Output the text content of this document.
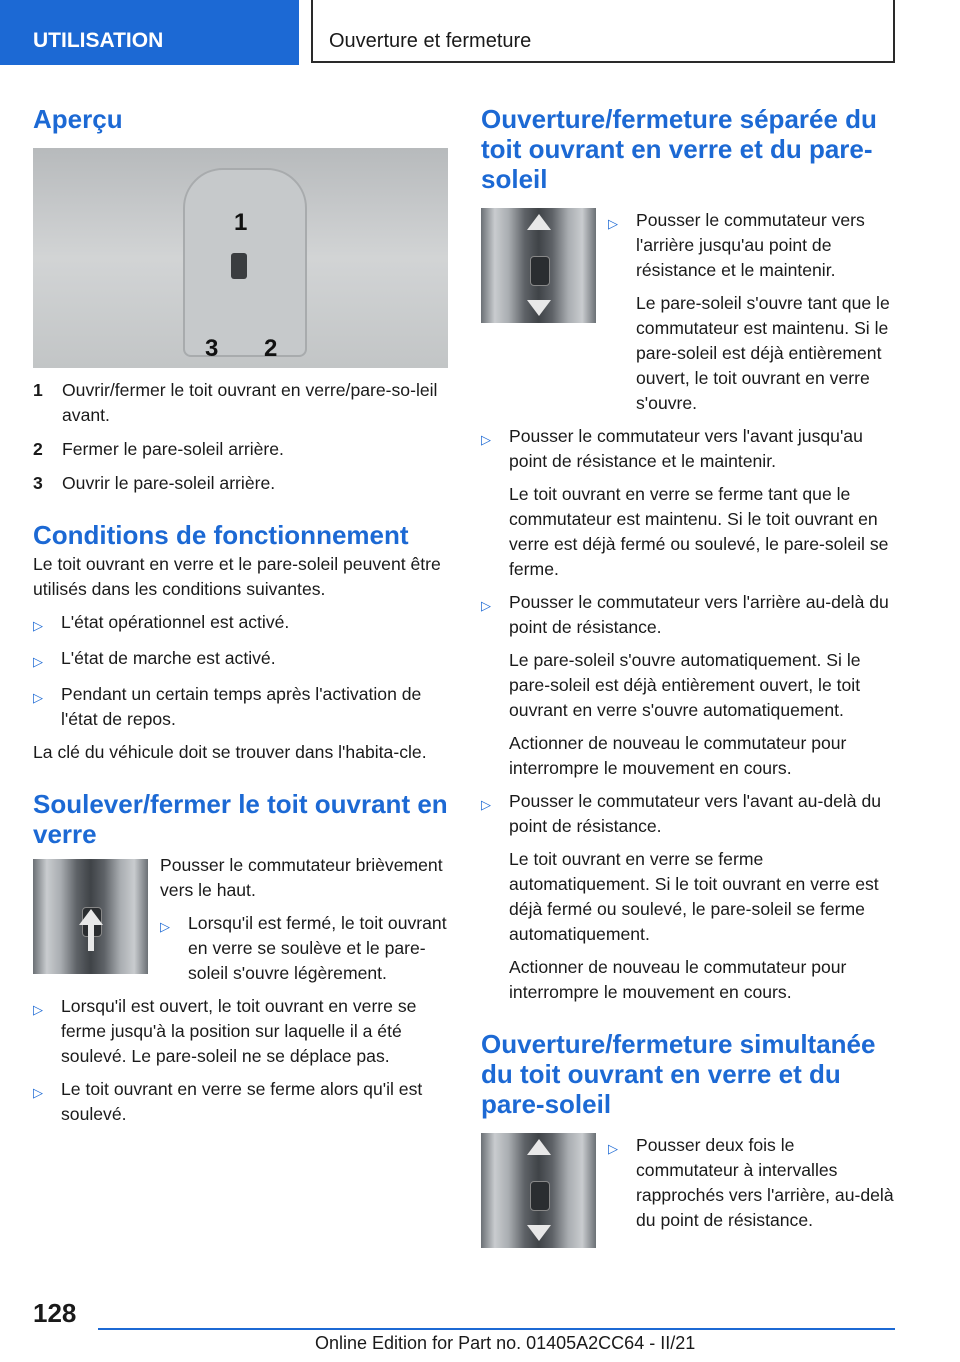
UTILISATION	Ouverture et fermeture
Aperçu
1
2
3
1	Ouvrir/fermer le toit ouvrant en verre/pare-so-leil avant.
2	Fermer le pare-soleil arrière.
3	Ouvrir le pare-soleil arrière.
Conditions de fonctionnement

Le toit ouvrant en verre et le pare-soleil peuvent être utilisés dans les conditions suivantes.

▷	L'état opérationnel est activé.
▷	L'état de marche est activé.
▷	Pendant un certain temps après l'activation de l'état de repos.

La clé du véhicule doit se trouver dans l'habita-cle.

Soulever/fermer le toit ouvrant en verre

Pousser le commutateur brièvement vers le haut.

▷	Lorsqu'il est fermé, le toit ouvrant en verre se soulève et le pare-soleil s'ouvre légèrement.
▷	Lorsqu'il est ouvert, le toit ouvrant en verre se ferme jusqu'à la position sur laquelle il a été soulevé. Le pare-soleil ne se déplace pas.
▷	Le toit ouvrant en verre se ferme alors qu'il est soulevé.
Ouverture/fermeture séparée du toit ouvrant en verre et du pare-soleil
▷	Pousser le commutateur vers l'arrière jusqu'au point de résistance et le maintenir.

Le pare-soleil s'ouvre tant que le commutateur est maintenu. Si le pare-soleil est déjà entièrement ouvert, le toit ouvrant en verre s'ouvre.

▷	Pousser le commutateur vers l'avant jusqu'au point de résistance et le maintenir.

Le toit ouvrant en verre se ferme tant que le commutateur est maintenu. Si le toit ouvrant en verre est déjà fermé ou soulevé, le pare-soleil se ferme.

▷	Pousser le commutateur vers l'arrière au-delà du point de résistance.

Le pare-soleil s'ouvre automatiquement. Si le pare-soleil est déjà entièrement ouvert, le toit ouvrant en verre s'ouvre automatiquement.

Actionner de nouveau le commutateur pour interrompre le mouvement en cours.

▷	Pousser le commutateur vers l'avant au-delà du point de résistance.

Le toit ouvrant en verre se ferme automatiquement. Si le toit ouvrant en verre est déjà fermé ou soulevé, le pare-soleil se ferme automatiquement.

Actionner de nouveau le commutateur pour interrompre le mouvement en cours.

Ouverture/fermeture simultanée du toit ouvrant en verre et du pare-soleil
▷	Pousser deux fois le commutateur à intervalles rapprochés vers l'arrière, au-delà du point de résistance.
128
Online Edition for Part no. 01405A2CC64 - II/21
